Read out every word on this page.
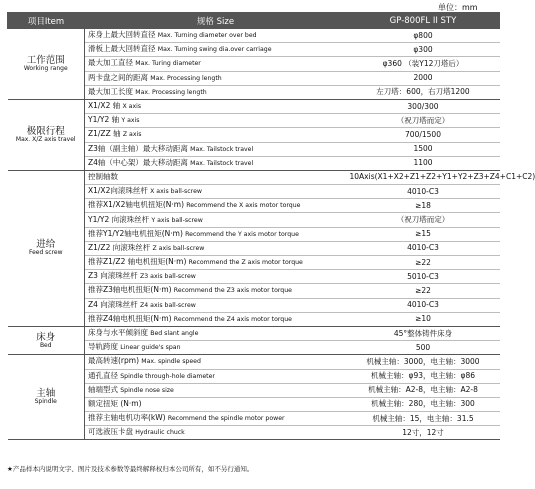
单位：mm
项目Item	规格 Size	GP-800FL II STY
工作范围
Working range	床身上最大回转直径 Max. Turning diameter over bed	φ800
	滑板上最大回转直径 Max. Turning swing dia.over carriage	φ300
	最大加工直径 Max. Turing diameter	φ360 （装Y12刀塔后）
	两卡盘之间的距离 Max. Processing length	2000
	最大加工长度 Max. Processing length	左刀塔：600，右刀塔1200
极限行程
Max. X/Z axis travel	X1/X2 轴 X axis	300/300
	Y1/Y2 轴 Y axis	（祝刀塔而定）
	Z1/ZZ 轴 Z axis	700/1500
	Z3轴（副主轴）最大移动距离 Max. Tailstock travel	1500
	Z4轴（中心架）最大移动距离 Max. Tailstock travel	1100
进给
Feed screw	控制轴数	10Axis(X1+X2+Z1+Z2+Y1+Y2+Z3+Z4+C1+C2)
	X1/X2向滚珠丝杆 X axis ball-screw	4010-C3
	推荐X1/X2轴电机扭矩(N·m) Recommend the X axis motor torque	≥18
	Y1/Y2 向滚珠丝杆 Y axis ball-screw	（祝刀塔而定）
	推荐Y1/Y2轴电机扭矩(N·m) Recommend the Y axis motor torque	≥15
	Z1/Z2 向滚珠丝杆 Z axis ball-screw	4010-C3
	推荐Z1/Z2 轴电机扭矩(N·m) Recommend the Z axis motor torque	≥22
	Z3 向滚珠丝杆 Z3 axis ball-screw	5010-C3
	推荐Z3轴电机扭矩(N·m) Recommend the Z3 axis motor torque	≥22
	Z4 向滚珠丝杆 Z4 axis ball-screw	4010-C3
	推荐Z4轴电机扭矩(N·m) Recommend the Z4 axis motor torque	≥10
床身
Bed	床身与水平倾斜度 Bed slant angle	45°整体铸件床身
	导轨跨度 Linear guide's span	500
主轴
Spindle	最高转速(rpm) Max. spindle speed	机械主轴：3000，电主轴：3000
	通孔直径 Spindle through-hole diameter	机械主轴：φ93，电主轴：φ86
	轴端型式 Spindle nose size	机械主轴：A2-8，电主轴：A2-8
	额定扭矩 (N·m)	机械主轴：280，电主轴：300
	推荐主轴电机功率(kW) Recommend the spindle motor power	机械主轴：15，电主轴：31.5
	可选液压卡盘 Hydraulic chuck	12寸，12寸
★产品样本内说明文字、图片及技术参数等最终解释权归本公司所有，如不另行通知。
